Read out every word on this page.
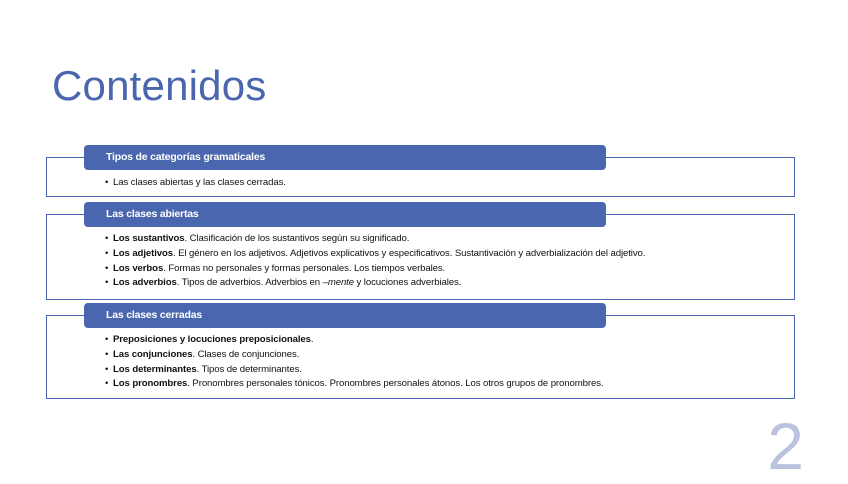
Contenidos
Tipos de categorías gramaticales
• Las clases abiertas y las clases cerradas.
Las clases abiertas
• Los sustantivos. Clasificación de los sustantivos según su significado.
• Los adjetivos. El género en los adjetivos. Adjetivos explicativos y especificativos. Sustantivación y adverbialización del adjetivo.
• Los verbos. Formas no personales y formas personales. Los tiempos verbales.
• Los adverbios. Tipos de adverbios. Adverbios en –mente y locuciones adverbiales.
Las clases cerradas
• Preposiciones y locuciones preposicionales.
• Las conjunciones. Clases de conjunciones.
• Los determinantes. Tipos de determinantes.
• Los pronombres. Pronombres personales tónicos. Pronombres personales átonos. Los otros grupos de pronombres.
2
